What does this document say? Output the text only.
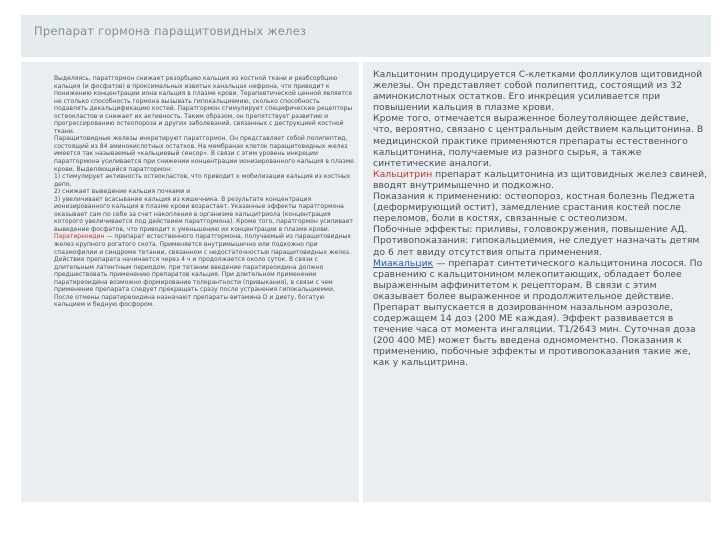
Препарат гормона паращитовидных желез

Выделяясь, паратгормон снижает резорбцию кальция из костной ткани и реабсорбцию кальция (и фосфатов) в проксимальных извитых канальцах нефрона, что приводит к понижению концентрации иона кальция в плазме крови. Терапевтической ценной является не столько способность гормона вызывать гипокальциемию, сколько способность подавлять декальцификацию костей. Паратгормон стимулирует специфические рецепторы остеокластов и снижает их активность. Таким образом, он препятствует развитию и прогрессированию остеопороза и других заболеваний, связанных с деструкцией костной ткани.

Паращитовидные железы инкретируют паратгормон. Он представляет собой полипептид, состоящий из 84 аминокислотных остатков. На мембранах клеток паращитовидных желез имеется так называемый «кальциевый сенсор». В связи с этим уровень инкреции паратгормона усиливается при снижении концентрации ионизированного кальция в плазме крови. Выделяющийся паратгормон:

1) стимулирует активность остеокластов, что приводит к мобилизации кальция из костных депо,

2) снижает выведение кальция почками и

3) увеличивает всасывание кальция из кишечника. В результате концентрация ионизированного кальция в плазме крови возрастает. Указанные эффекты паратгормона оказывает сам по себе за счет накопления в организме кальцитриола (концентрация которого увеличивается под действием паратгормона). Кроме того, паратгормон усиливает выведение фосфатов, что приводит к уменьшению их концентрации в плазме крови.

Паратиреоидин — препарат естественного паратгормона, получаемый из паращитовидных желез крупного рогатого скота. Применяется внутримышечно или подкожно при спазмофилии и синдроме тетании, связанном с недостаточностью паращитовидных желез. Действие препарата начинается через 4 ч и продолжается около суток. В связи с длительным латентным периодом, при тетании введение паратиреоидина должно предшествовать применению препаратов кальция. При длительном применении паратиреоидина возможно формирование толерантности (привыкания), в связи с чем применение препарата следует прекращать сразу после устранения гипокальциемии. После отмены паратиреоидина назначают препараты витамина D и диету, богатую кальцием и бедную фосфором.

Кальцитонин продуцируется С-клетками фолликулов щитовидной железы. Он представляет собой полипептид, состоящий из 32 аминокислотных остатков. Его инкреция усиливается при повышении кальция в плазме крови.

Кроме того, отмечается выраженное болеутоляющее действие, что, вероятно, связано с центральным действием кальцитонина. В медицинской практике применяются препараты естественного кальцитонина, получаемые из разного сырья, а также синтетические аналоги.

Кальцитрин препарат кальцитонина из щитовидных желез свиней, вводят внутримышечно и подкожно.

Показания к применению: остеопороз, костная болезнь Педжета (деформирующий остит), замедление срастания костей после переломов, боли в костях, связанные с остеолизом.

Побочные эффекты: приливы, головокружения, повышение АД.

Противопоказания: гипокальциемия, не следует назначать детям до 6 лет ввиду отсутствия опыта применения.

Миакальцик — препарат синтетического кальцитонина лосося. По сравнению с кальцитонином млекопитающих, обладает более выраженным аффинитетом к рецепторам. В связи с этим оказывает более выраженное и продолжительное действие. Препарат выпускается в дозированном назальном аэрозоле, содержащем 14 доз (200 МЕ каждая). Эффект развивается в течение часа от момента ингаляции. T1/2643 мин. Суточная доза (200 400 МЕ) может быть введена одномоментно. Показания к применению, побочные эффекты и противопоказания такие же, как у кальцитрина.
